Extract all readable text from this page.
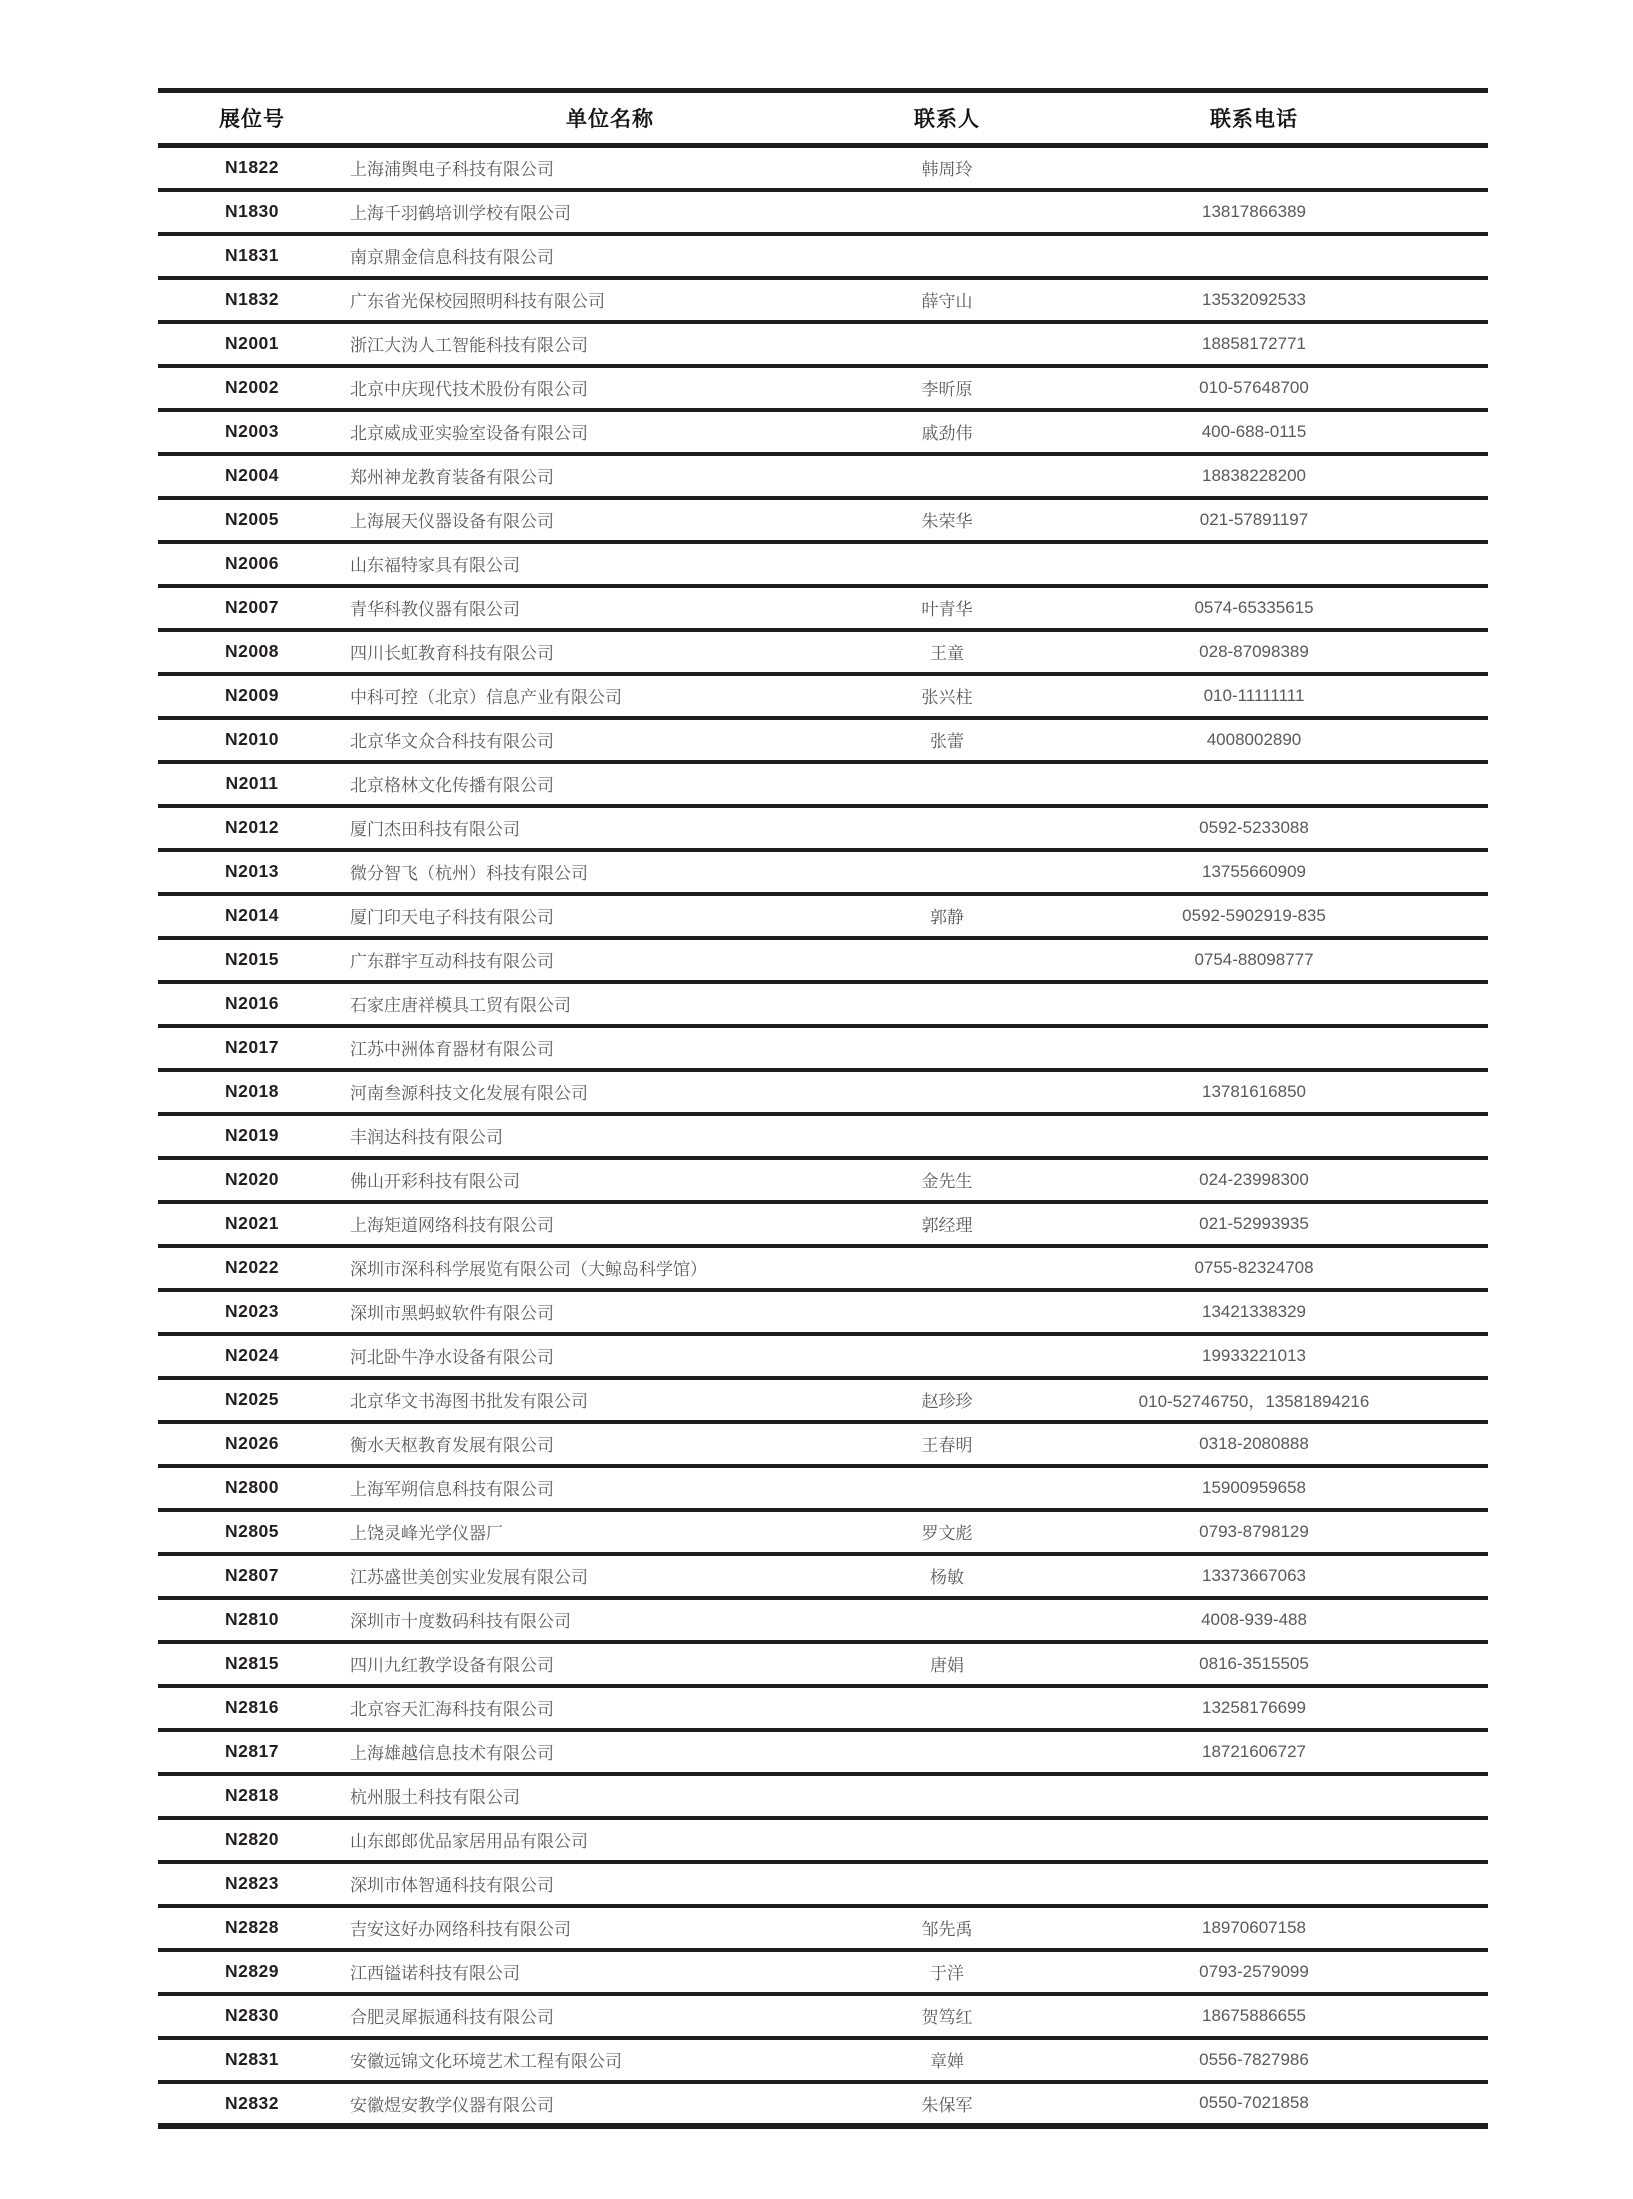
展位号	单位名称	联系人	联系电话
N1822	上海浦舆电子科技有限公司	韩周玲	
N1830	上海千羽鹤培训学校有限公司		13817866389
N1831	南京鼎金信息科技有限公司		
N1832	广东省光保校园照明科技有限公司	薛守山	13532092533
N2001	浙江大沩人工智能科技有限公司		18858172771
N2002	北京中庆现代技术股份有限公司	李昕原	010-57648700
N2003	北京威成亚实验室设备有限公司	戚劲伟	400-688-0115
N2004	郑州神龙教育装备有限公司		18838228200
N2005	上海展天仪器设备有限公司	朱荣华	021-57891197
N2006	山东福特家具有限公司		
N2007	青华科教仪器有限公司	叶青华	0574-65335615
N2008	四川长虹教育科技有限公司	王童	028-87098389
N2009	中科可控（北京）信息产业有限公司	张兴柱	010-11111111
N2010	北京华文众合科技有限公司	张蕾	4008002890
N2011	北京格林文化传播有限公司		
N2012	厦门杰田科技有限公司		0592-5233088
N2013	微分智飞（杭州）科技有限公司		13755660909
N2014	厦门印天电子科技有限公司	郭静	0592-5902919-835
N2015	广东群宇互动科技有限公司		0754-88098777
N2016	石家庄唐祥模具工贸有限公司		
N2017	江苏中洲体育器材有限公司		
N2018	河南叁源科技文化发展有限公司		13781616850
N2019	丰润达科技有限公司		
N2020	佛山开彩科技有限公司	金先生	024-23998300
N2021	上海矩道网络科技有限公司	郭经理	021-52993935
N2022	深圳市深科科学展览有限公司（大鲸岛科学馆）		0755-82324708
N2023	深圳市黑蚂蚁软件有限公司		13421338329
N2024	河北卧牛净水设备有限公司		19933221013
N2025	北京华文书海图书批发有限公司	赵珍珍	010-52746750，13581894216
N2026	衡水天枢教育发展有限公司	王春明	0318-2080888
N2800	上海军朔信息科技有限公司		15900959658
N2805	上饶灵峰光学仪器厂	罗文彪	0793-8798129
N2807	江苏盛世美创实业发展有限公司	杨敏	13373667063
N2810	深圳市十度数码科技有限公司		4008-939-488
N2815	四川九红教学设备有限公司	唐娟	0816-3515505
N2816	北京容天汇海科技有限公司		13258176699
N2817	上海雄越信息技术有限公司		18721606727
N2818	杭州服土科技有限公司		
N2820	山东郎郎优品家居用品有限公司		
N2823	深圳市体智通科技有限公司		
N2828	吉安这好办网络科技有限公司	邹先禹	18970607158
N2829	江西镒诺科技有限公司	于洋	0793-2579099
N2830	合肥灵犀振通科技有限公司	贺笃红	18675886655
N2831	安徽远锦文化环境艺术工程有限公司	章婵	0556-7827986
N2832	安徽煜安教学仪器有限公司	朱保军	0550-7021858
